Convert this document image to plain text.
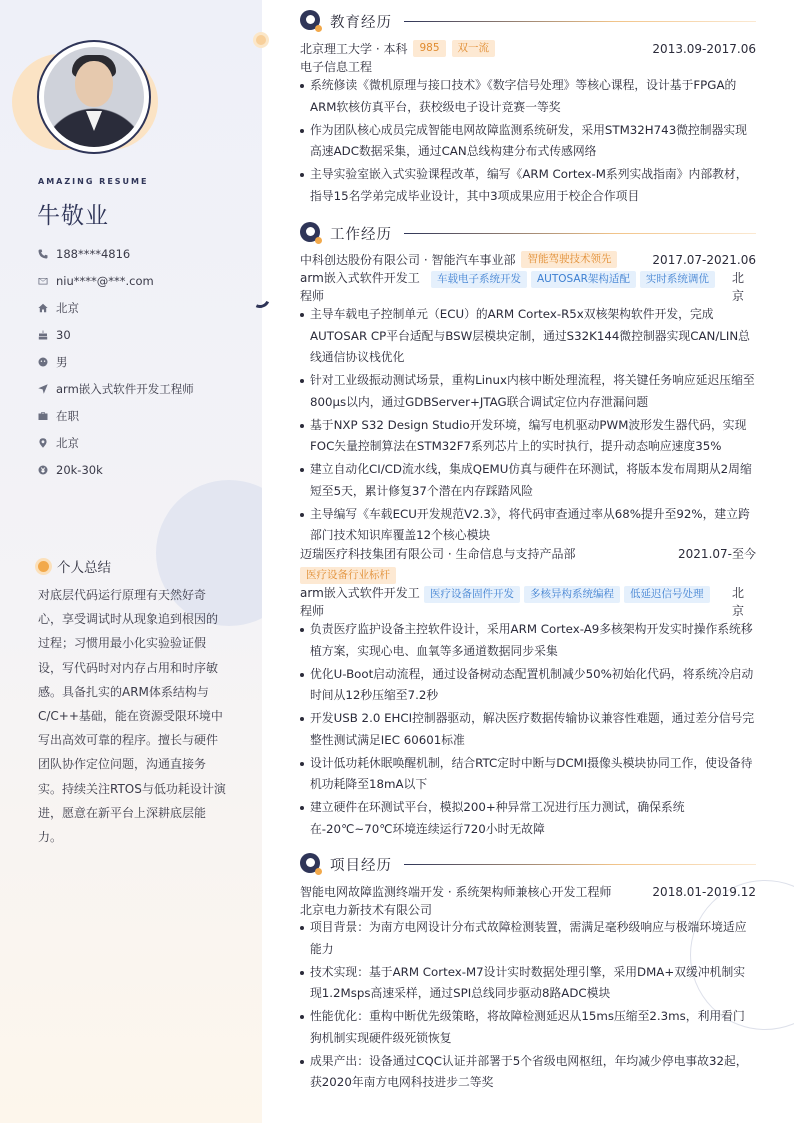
AMAZING RESUME
牛敬业
188****4816
niu****@***.com
北京
30
男
arm嵌入式软件开发工程师
在职
北京
20k-30k
个人总结
对底层代码运行原理有天然好奇心，享受调试时从现象追到根因的过程；习惯用最小化实验验证假设，写代码时对内存占用和时序敏感。具备扎实的ARM体系结构与C/C++基础，能在资源受限环境中写出高效可靠的程序。擅长与硬件团队协作定位问题，沟通直接务实。持续关注RTOS与低功耗设计演进，愿意在新平台上深耕底层能力。
教育经历
北京理工大学 · 本科 985 双一流	2013.09-2017.06
电子信息工程
系统修读《微机原理与接口技术》《数字信号处理》等核心课程，设计基于FPGA的ARM软核仿真平台，获校级电子设计竞赛一等奖
作为团队核心成员完成智能电网故障监测系统研发，采用STM32H743微控制器实现高速ADC数据采集，通过CAN总线构建分布式传感网络
主导实验室嵌入式实验课程改革，编写《ARM Cortex-M系列实战指南》内部教材，指导15名学弟完成毕业设计，其中3项成果应用于校企合作项目
工作经历
中科创达股份有限公司 · 智能汽车事业部 智能驾驶技术领先	2017.07-2021.06
arm嵌入式软件开发工程师
车载电子系统开发 AUTOSAR架构适配 实时系统调优	北京
主导车载电子控制单元（ECU）的ARM Cortex-R5x双核架构软件开发，完成AUTOSAR CP平台适配与BSW层模块定制，通过S32K144微控制器实现CAN/LIN总线通信协议栈优化
针对工业级振动测试场景，重构Linux内核中断处理流程，将关键任务响应延迟压缩至800μs以内，通过GDBServer+JTAG联合调试定位内存泄漏问题
基于NXP S32 Design Studio开发环境，编写电机驱动PWM波形发生器代码，实现FOC矢量控制算法在STM32F7系列芯片上的实时执行，提升动态响应速度35%
建立自动化CI/CD流水线，集成QEMU仿真与硬件在环测试，将版本发布周期从2周缩短至5天，累计修复37个潜在内存踩踏风险
主导编写《车载ECU开发规范V2.3》，将代码审查通过率从68%提升至92%，建立跨部门技术知识库覆盖12个核心模块
迈瑞医疗科技集团有限公司 · 生命信息与支持产品部	2021.07-至今
医疗设备行业标杆
arm嵌入式软件开发工程师
医疗设备固件开发 多核异构系统编程 低延迟信号处理	北京
负责医疗监护设备主控软件设计，采用ARM Cortex-A9多核架构开发实时操作系统移植方案，实现心电、血氧等多通道数据同步采集
优化U-Boot启动流程，通过设备树动态配置机制减少50%初始化代码，将系统冷启动时间从12秒压缩至7.2秒
开发USB 2.0 EHCI控制器驱动，解决医疗数据传输协议兼容性难题，通过差分信号完整性测试满足IEC 60601标准
设计低功耗休眠唤醒机制，结合RTC定时中断与DCMI摄像头模块协同工作，使设备待机功耗降至18mA以下
建立硬件在环测试平台，模拟200+种异常工况进行压力测试，确保系统在-20℃~70℃环境连续运行720小时无故障
项目经历
智能电网故障监测终端开发 · 系统架构师兼核心开发工程师	2018.01-2019.12
北京电力新技术有限公司
项目背景：为南方电网设计分布式故障检测装置，需满足毫秒级响应与极端环境适应能力
技术实现：基于ARM Cortex-M7设计实时数据处理引擎，采用DMA+双缓冲机制实现1.2Msps高速采样，通过SPI总线同步驱动8路ADC模块
性能优化：重构中断优先级策略，将故障检测延迟从15ms压缩至2.3ms，利用看门狗机制实现硬件级死锁恢复
成果产出：设备通过CQC认证并部署于5个省级电网枢纽，年均减少停电事故32起，获2020年南方电网科技进步二等奖
